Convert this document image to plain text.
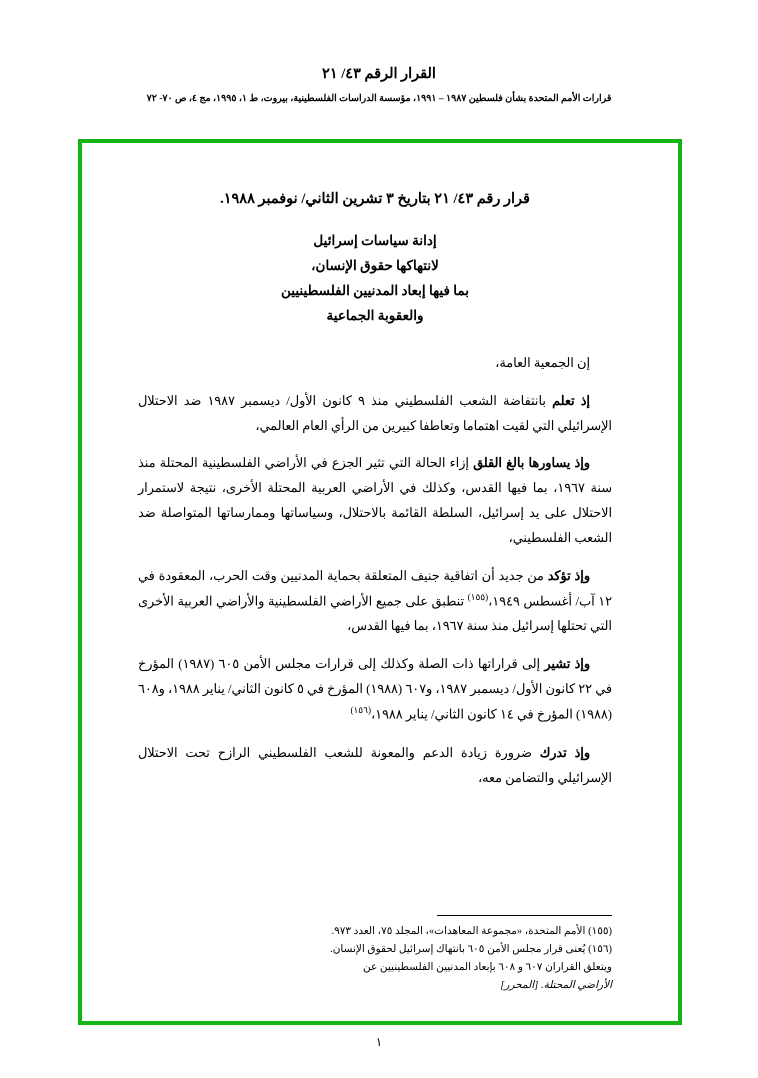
القرار الرقم ٤٣/ ٢١
قرارات الأمم المتحدة بشأن فلسطين ١٩٨٧ – ١٩٩١، مؤسسة الدراسات الفلسطينية، بيروت، ط ١، ١٩٩٥، مج ٤، ص ٧٠- ٧٢
قرار رقم ٤٣/ ٢١ بتاريخ ٣ تشرين الثاني/ نوفمبر ١٩٨٨.
إدانة سياسات إسرائيل
لانتهاكها حقوق الإنسان،
بما فيها إبعاد المدنيين الفلسطينيين
والعقوبة الجماعية
إن الجمعية العامة،
إذ تعلم بانتفاضة الشعب الفلسطيني منذ ٩ كانون الأول/ ديسمبر ١٩٨٧ ضد الاحتلال الإسرائيلي التي لقيت اهتماما وتعاطفا كبيرين من الرأي العام العالمي،
وإذ يساورها بالغ القلق إزاء الحالة التي تثير الجزع في الأراضي الفلسطينية المحتلة منذ سنة ١٩٦٧، بما فيها القدس، وكذلك في الأراضي العربية المحتلة الأخرى، نتيجة لاستمرار الاحتلال على يد إسرائيل، السلطة القائمة بالاحتلال، وسياساتها وممارساتها المتواصلة ضد الشعب الفلسطيني،
وإذ تؤكد من جديد أن اتفاقية جنيف المتعلقة بحماية المدنيين وقت الحرب، المعقودة في ١٢ آب/ أغسطس ١٩٤٩،$^{(١٥٥)}$ تنطبق على جميع الأراضي الفلسطينية والأراضي العربية الأخرى التي تحتلها إسرائيل منذ سنة ١٩٦٧، بما فيها القدس،
وإذ تشير إلى قراراتها ذات الصلة وكذلك إلى قرارات مجلس الأمن ٦٠٥ (١٩٨٧) المؤرخ في ٢٢ كانون الأول/ ديسمبر ١٩٨٧، و٦٠٧ (١٩٨٨) المؤرخ في ٥ كانون الثاني/ يناير ١٩٨٨، و٦٠٨ (١٩٨٨) المؤرخ في ١٤ كانون الثاني/ يناير ١٩٨٨،$^{(١٥٦)}$
وإذ تدرك ضرورة زيادة الدعم والمعونة للشعب الفلسطيني الرازح تحت الاحتلال الإسرائيلي والتضامن معه،
(١٥٥) الأمم المتحدة، «مجموعة المعاهدات»، المجلد ٧٥، العدد ٩٧٣.
(١٥٦) يُعنى قرار مجلس الأمن ٦٠٥ بانتهاك إسرائيل لحقوق الإنسان.
ويتعلق القراران ٦٠٧ و ٦٠٨ بإبعاد المدنيين الفلسطينيين عن
الأراضي المحتلة. [المحرر]
١
